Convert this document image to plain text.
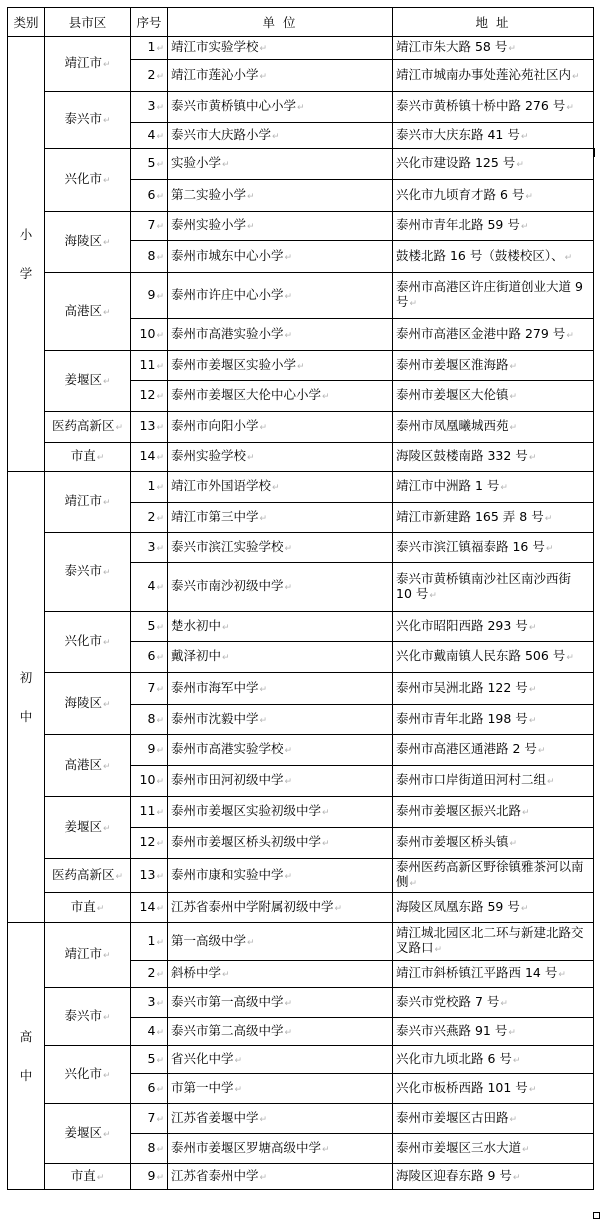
类别	县市区	序号	单 位	地 址

小
学	靖江市↵	1↵	靖江市实验学校↵	靖江市朱大路 58 号↵
		2↵	靖江市莲沁小学↵	靖江市城南办事处莲沁苑社区内↵
	泰兴市↵	3↵	泰兴市黄桥镇中心小学↵	泰兴市黄桥镇十桥中路 276 号↵
		4↵	泰兴市大庆路小学↵	泰兴市大庆东路 41 号↵
	兴化市↵	5↵	实验小学↵	兴化市建设路 125 号↵
		6↵	第二实验小学↵	兴化市九顷育才路 6 号↵
	海陵区↵	7↵	泰州实验小学↵	泰州市青年北路 59 号↵
		8↵	泰州市城东中心小学↵	鼓楼北路 16 号（鼓楼校区）、↵
	高港区↵	9↵	泰州市许庄中心小学↵	泰州市高港区许庄街道创业大道 9 号↵
		10↵	泰州市高港实验小学↵	泰州市高港区金港中路 279 号↵
	姜堰区↵	11↵	泰州市姜堰区实验小学↵	泰州市姜堰区淮海路↵
		12↵	泰州市姜堰区大伦中心小学↵	泰州市姜堰区大伦镇↵
	医药高新区↵	13↵	泰州市向阳小学↵	泰州市凤凰曦城西苑↵
	市直↵	14↵	泰州实验学校↵	海陵区鼓楼南路 332 号↵

初
中	靖江市↵	1↵	靖江市外国语学校↵	靖江市中洲路 1 号↵
		2↵	靖江市第三中学↵	靖江市新建路 165 弄 8 号↵
	泰兴市↵	3↵	泰兴市滨江实验学校↵	泰兴市滨江镇福泰路 16 号↵
		4↵	泰兴市南沙初级中学↵	泰兴市黄桥镇南沙社区南沙西街 10 号↵
	兴化市↵	5↵	楚水初中↵	兴化市昭阳西路 293 号↵
		6↵	戴泽初中↵	兴化市戴南镇人民东路 506 号↵
	海陵区↵	7↵	泰州市海军中学↵	泰州市吴洲北路 122 号↵
		8↵	泰州市沈毅中学↵	泰州市青年北路 198 号↵
	高港区↵	9↵	泰州市高港实验学校↵	泰州市高港区通港路 2 号↵
		10↵	泰州市田河初级中学↵	泰州市口岸街道田河村二组↵
	姜堰区↵	11↵	泰州市姜堰区实验初级中学↵	泰州市姜堰区振兴北路↵
		12↵	泰州市姜堰区桥头初级中学↵	泰州市姜堰区桥头镇↵
	医药高新区↵	13↵	泰州市康和实验中学↵	泰州医药高新区野徐镇雅茶河以南侧↵
	市直↵	14↵	江苏省泰州中学附属初级中学↵	海陵区凤凰东路 59 号↵

高
中	靖江市↵	1↵	第一高级中学↵	靖江城北园区北二环与新建北路交叉路口↵
		2↵	斜桥中学↵	靖江市斜桥镇江平路西 14 号↵
	泰兴市↵	3↵	泰兴市第一高级中学↵	泰兴市党校路 7 号↵
		4↵	泰兴市第二高级中学↵	泰兴市兴燕路 91 号↵
	兴化市↵	5↵	省兴化中学↵	兴化市九顷北路 6 号↵
		6↵	市第一中学↵	兴化市板桥西路 101 号↵
	姜堰区↵	7↵	江苏省姜堰中学↵	泰州市姜堰区古田路↵
		8↵	泰州市姜堰区罗塘高级中学↵	泰州市姜堰区三水大道↵
	市直↵	9↵	江苏省泰州中学↵	海陵区迎春东路 9 号↵
